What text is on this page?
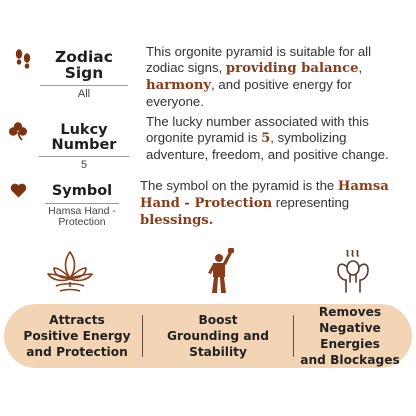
Zodiac Sign
All
This orgonite pyramid is suitable for all zodiac signs, providing balance, harmony, and positive energy for everyone.
Lukcy Number
5
The lucky number associated with this orgonite pyramid is 5, symbolizing adventure, freedom, and positive change.
Symbol
Hamsa Hand -
Protection
The symbol on the pyramid is the Hamsa Hand - Protection representing blessings.
Attracts
Positive Energy
and Protection
Boost
Grounding and Stability
Removes
Negative Energies
and Blockages
